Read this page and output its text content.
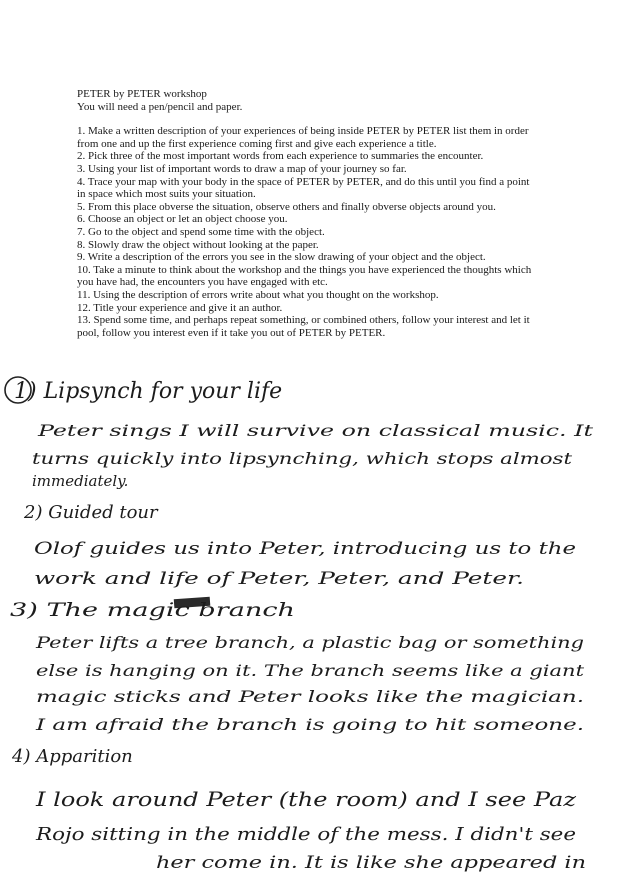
PETER by PETER workshop

You will need a pen/pencil and paper.

1. Make a written description of your experiences of being inside PETER by PETER list them in order from one and up the first experience coming first and give each experience a title.

2. Pick three of the most important words from each experience to summaries the encounter.

3. Using your list of important words to draw a map of your journey so far.

4. Trace your map with your body in the space of PETER by PETER, and do this until you find a point in space which most suits your situation.

5. From this place obverse the situation, observe others and finally obverse objects around you.

6. Choose an object or let an object choose you.

7. Go to the object and spend some time with the object.

8. Slowly draw the object without looking at the paper.

9. Write a description of the errors you see in the slow drawing of your object and the object.

10. Take a minute to think about the workshop and the things you have experienced the thoughts which you have had, the encounters you have engaged with etc.

11. Using the description of errors write about what you thought on the workshop.

12. Title your experience and give it an author.

13. Spend some time, and perhaps repeat something, or combined others, follow your interest and let it pool, follow you interest even if it take you out of PETER by PETER.

1) Lipsynch for your life
Peter sings I will survive on classical music. It
turns quickly into lipsynching, which stops almost
immediately.
2) Guided tour
Olof guides us into Peter, introducing us to the
work and life of Peter, Peter, and Peter.
3) The magic branch
Peter lifts a tree branch, a plastic bag or something
else is hanging on it. The branch seems like a giant
magic sticks and Peter looks like the magician.
I am afraid the branch is going to hit someone.
4) Apparition
I look around Peter (the room) and I see Paz
Rojo sitting in the middle of the mess. I didn't see
her come in. It is like she appeared in
